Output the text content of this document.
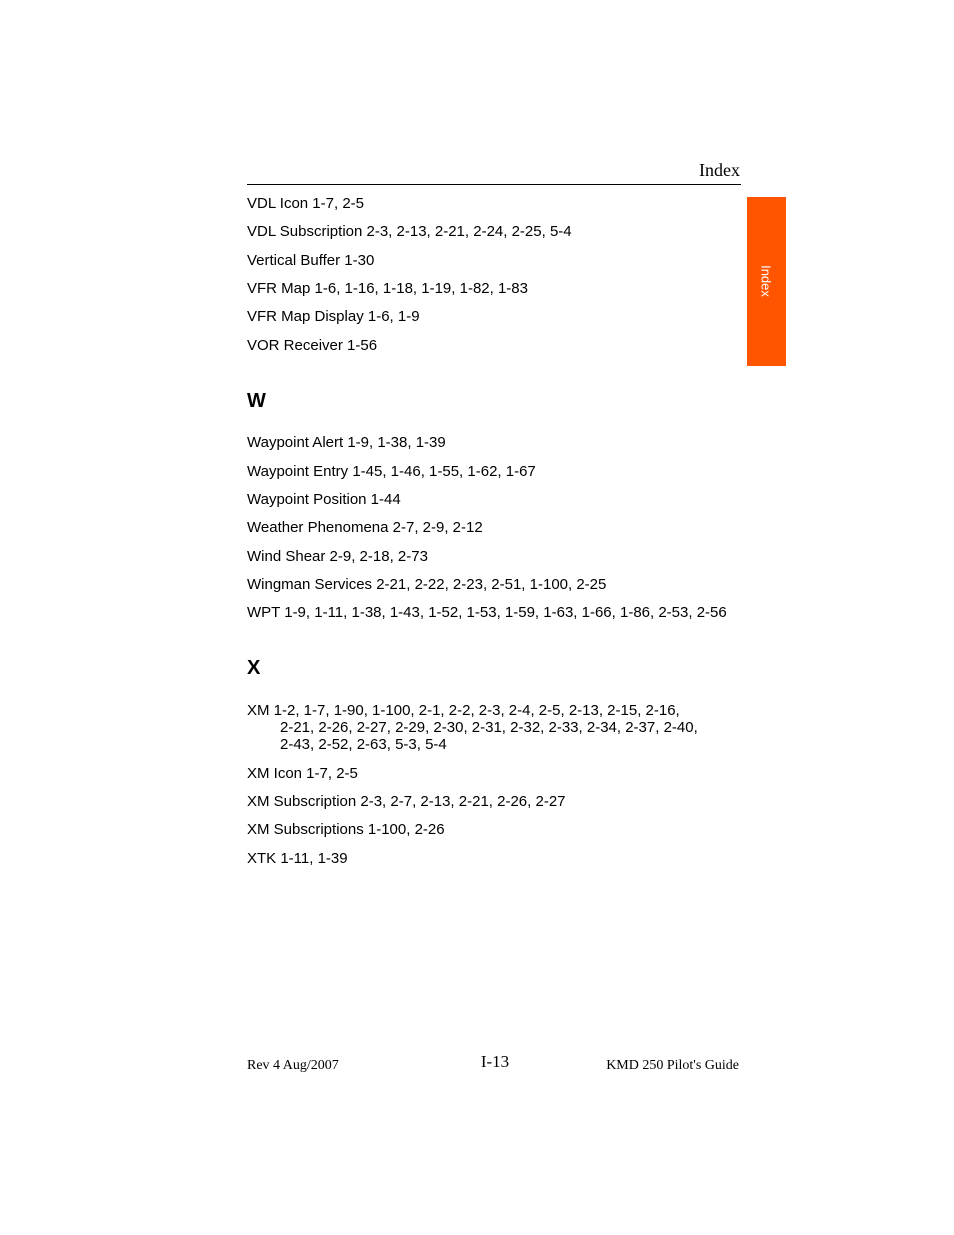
Index
Index
VDL Icon 1-7, 2-5
VDL Subscription 2-3, 2-13, 2-21, 2-24, 2-25, 5-4
Vertical Buffer 1-30
VFR Map 1-6, 1-16, 1-18, 1-19, 1-82, 1-83
VFR Map Display 1-6, 1-9
VOR Receiver 1-56
W
Waypoint Alert 1-9, 1-38, 1-39
Waypoint Entry 1-45, 1-46, 1-55, 1-62, 1-67
Waypoint Position 1-44
Weather Phenomena 2-7, 2-9, 2-12
Wind Shear 2-9, 2-18, 2-73
Wingman Services 2-21, 2-22, 2-23, 2-51, 1-100, 2-25
WPT 1-9, 1-11, 1-38, 1-43, 1-52, 1-53, 1-59, 1-63, 1-66, 1-86, 2-53, 2-56
X
XM 1-2, 1-7, 1-90, 1-100, 2-1, 2-2, 2-3, 2-4, 2-5, 2-13, 2-15, 2-16,
2-21, 2-26, 2-27, 2-29, 2-30, 2-31, 2-32, 2-33, 2-34, 2-37, 2-40,
2-43, 2-52, 2-63, 5-3, 5-4
XM Icon 1-7, 2-5
XM Subscription 2-3, 2-7, 2-13, 2-21, 2-26, 2-27
XM Subscriptions 1-100, 2-26
XTK 1-11, 1-39
Rev 4 Aug/2007	I-13	KMD 250 Pilot's Guide
